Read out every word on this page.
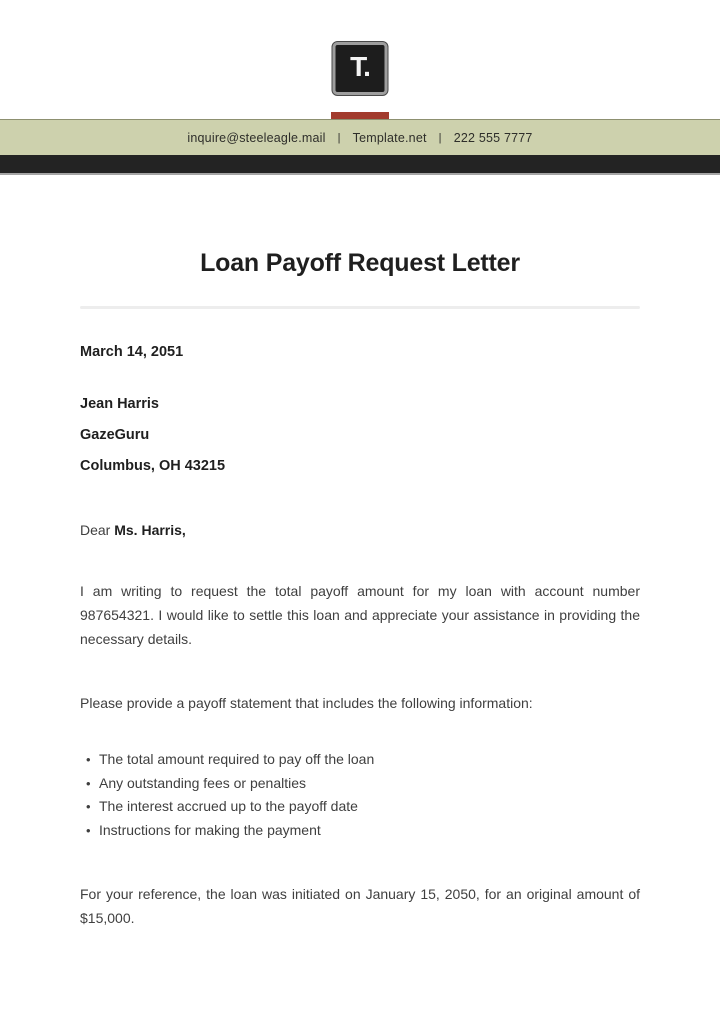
T.
inquire@steeleagle.mail | Template.net | 222 555 7777
Loan Payoff Request Letter
March 14, 2051
Jean Harris
GazeGuru
Columbus, OH 43215
Dear Ms. Harris,

I am writing to request the total payoff amount for my loan with account number 987654321. I would like to settle this loan and appreciate your assistance in providing the necessary details.

Please provide a payoff statement that includes the following information:

• The total amount required to pay off the loan
• Any outstanding fees or penalties
• The interest accrued up to the payoff date
• Instructions for making the payment

For your reference, the loan was initiated on January 15, 2050, for an original amount of $15,000.
